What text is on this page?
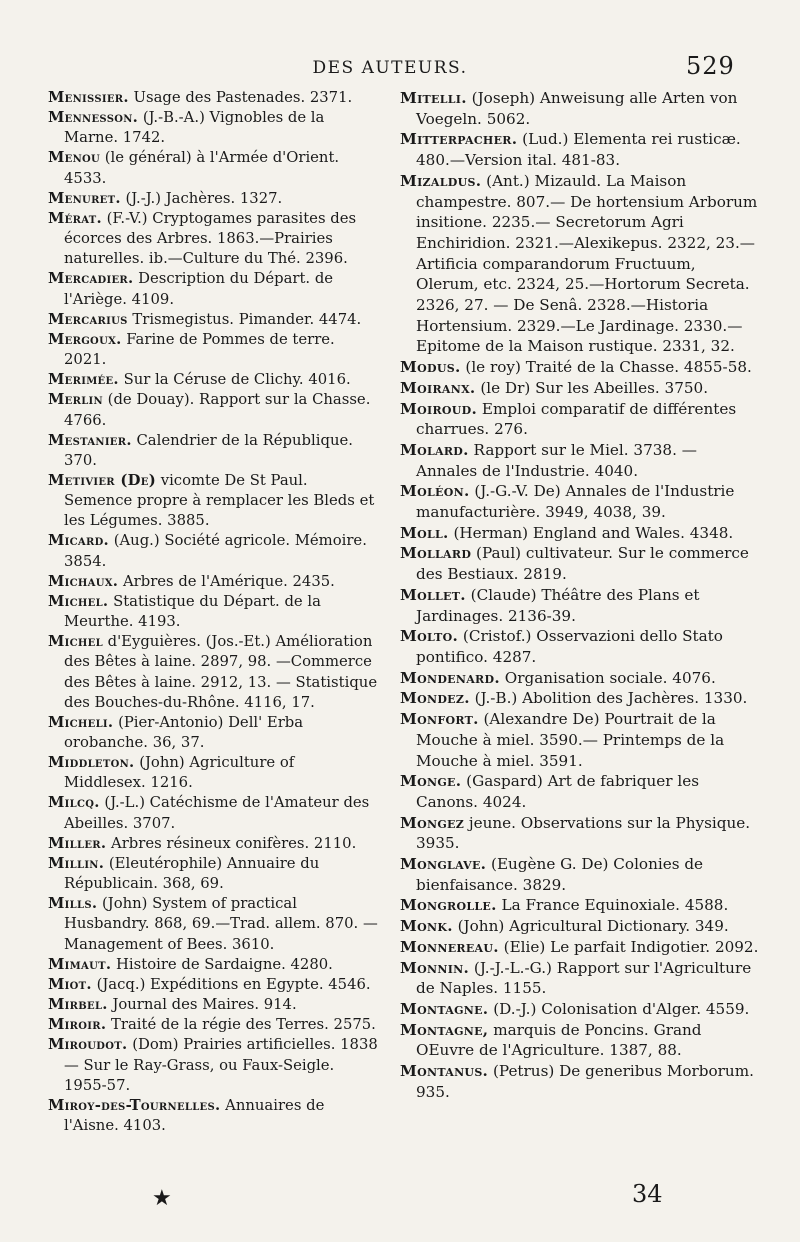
DES AUTEURS.	529

Menissier. Usage des Pastenades. 2371.

Mennesson. (J.-B.-A.) Vignobles de la Marne. 1742.

Menou (le général) à l'Armée d'Orient. 4533.

Menuret. (J.-J.) Jachères. 1327.

Mérat. (F.-V.) Cryptogames parasites des écorces des Arbres. 1863.—Prairies naturelles. ib.—Culture du Thé. 2396.

Mercadier. Description du Départ. de l'Ariège. 4109.

Mercarius Trismegistus. Pimander. 4474.

Mergoux. Farine de Pommes de terre. 2021.

Merimée. Sur la Céruse de Clichy. 4016.

Merlin (de Douay). Rapport sur la Chasse. 4766.

Mestanier. Calendrier de la République. 370.

Metivier (De) vicomte De St Paul. Semence propre à remplacer les Bleds et les Légumes. 3885.

Micard. (Aug.) Société agricole. Mémoire. 3854.

Michaux. Arbres de l'Amérique. 2435.

Michel. Statistique du Départ. de la Meurthe. 4193.

Michel d'Eyguières. (Jos.-Et.) Amélioration des Bêtes à laine. 2897, 98. —Commerce des Bêtes à laine. 2912, 13. — Statistique des Bouches-du-Rhône. 4116, 17.

Micheli. (Pier-Antonio) Dell' Erba orobanche. 36, 37.

Middleton. (John) Agriculture of Middlesex. 1216.

Milcq. (J.-L.) Catéchisme de l'Amateur des Abeilles. 3707.

Miller. Arbres résineux conifères. 2110.

Millin. (Eleutérophile) Annuaire du Républicain. 368, 69.

Mills. (John) System of practical Husbandry. 868, 69.—Trad. allem. 870. —Management of Bees. 3610.

Mimaut. Histoire de Sardaigne. 4280.

Miot. (Jacq.) Expéditions en Egypte. 4546.

Mirbel. Journal des Maires. 914.

Miroir. Traité de la régie des Terres. 2575.

Miroudot. (Dom) Prairies artificielles. 1838 — Sur le Ray-Grass, ou Faux-Seigle. 1955-57.

Miroy-des-Tournelles. Annuaires de l'Aisne. 4103.

Mitelli. (Joseph) Anweisung alle Arten von Voegeln. 5062.

Mitterpacher. (Lud.) Elementa rei rusticæ. 480.—Version ital. 481-83.

Mizaldus. (Ant.) Mizauld. La Maison champestre. 807.— De hortensium Arborum insitione. 2235.— Secretorum Agri Enchiridion. 2321.—Alexikepus. 2322, 23.—Artificia comparandorum Fructuum, Olerum, etc. 2324, 25.—Hortorum Secreta. 2326, 27. — De Senâ. 2328.—Historia Hortensium. 2329.—Le Jardinage. 2330.—Epitome de la Maison rustique. 2331, 32.

Modus. (le roy) Traité de la Chasse. 4855-58.

Moiranx. (le Dr) Sur les Abeilles. 3750.

Moiroud. Emploi comparatif de différentes charrues. 276.

Molard. Rapport sur le Miel. 3738. — Annales de l'Industrie. 4040.

Moléon. (J.-G.-V. De) Annales de l'Industrie manufacturière. 3949, 4038, 39.

Moll. (Herman) England and Wales. 4348.

Mollard (Paul) cultivateur. Sur le commerce des Bestiaux. 2819.

Mollet. (Claude) Théâtre des Plans et Jardinages. 2136-39.

Molto. (Cristof.) Osservazioni dello Stato pontifico. 4287.

Mondenard. Organisation sociale. 4076.

Mondez. (J.-B.) Abolition des Jachères. 1330.

Monfort. (Alexandre De) Pourtrait de la Mouche à miel. 3590.— Printemps de la Mouche à miel. 3591.

Monge. (Gaspard) Art de fabriquer les Canons. 4024.

Mongez jeune. Observations sur la Physique. 3935.

Monglave. (Eugène G. De) Colonies de bienfaisance. 3829.

Mongrolle. La France Equinoxiale. 4588.

Monk. (John) Agricultural Dictionary. 349.

Monnereau. (Elie) Le parfait Indigotier. 2092.

Monnin. (J.-J.-L.-G.) Rapport sur l'Agriculture de Naples. 1155.

Montagne. (D.-J.) Colonisation d'Alger. 4559.

Montagne, marquis de Poncins. Grand OEuvre de l'Agriculture. 1387, 88.

Montanus. (Petrus) De generibus Morborum. 935.

★	34
